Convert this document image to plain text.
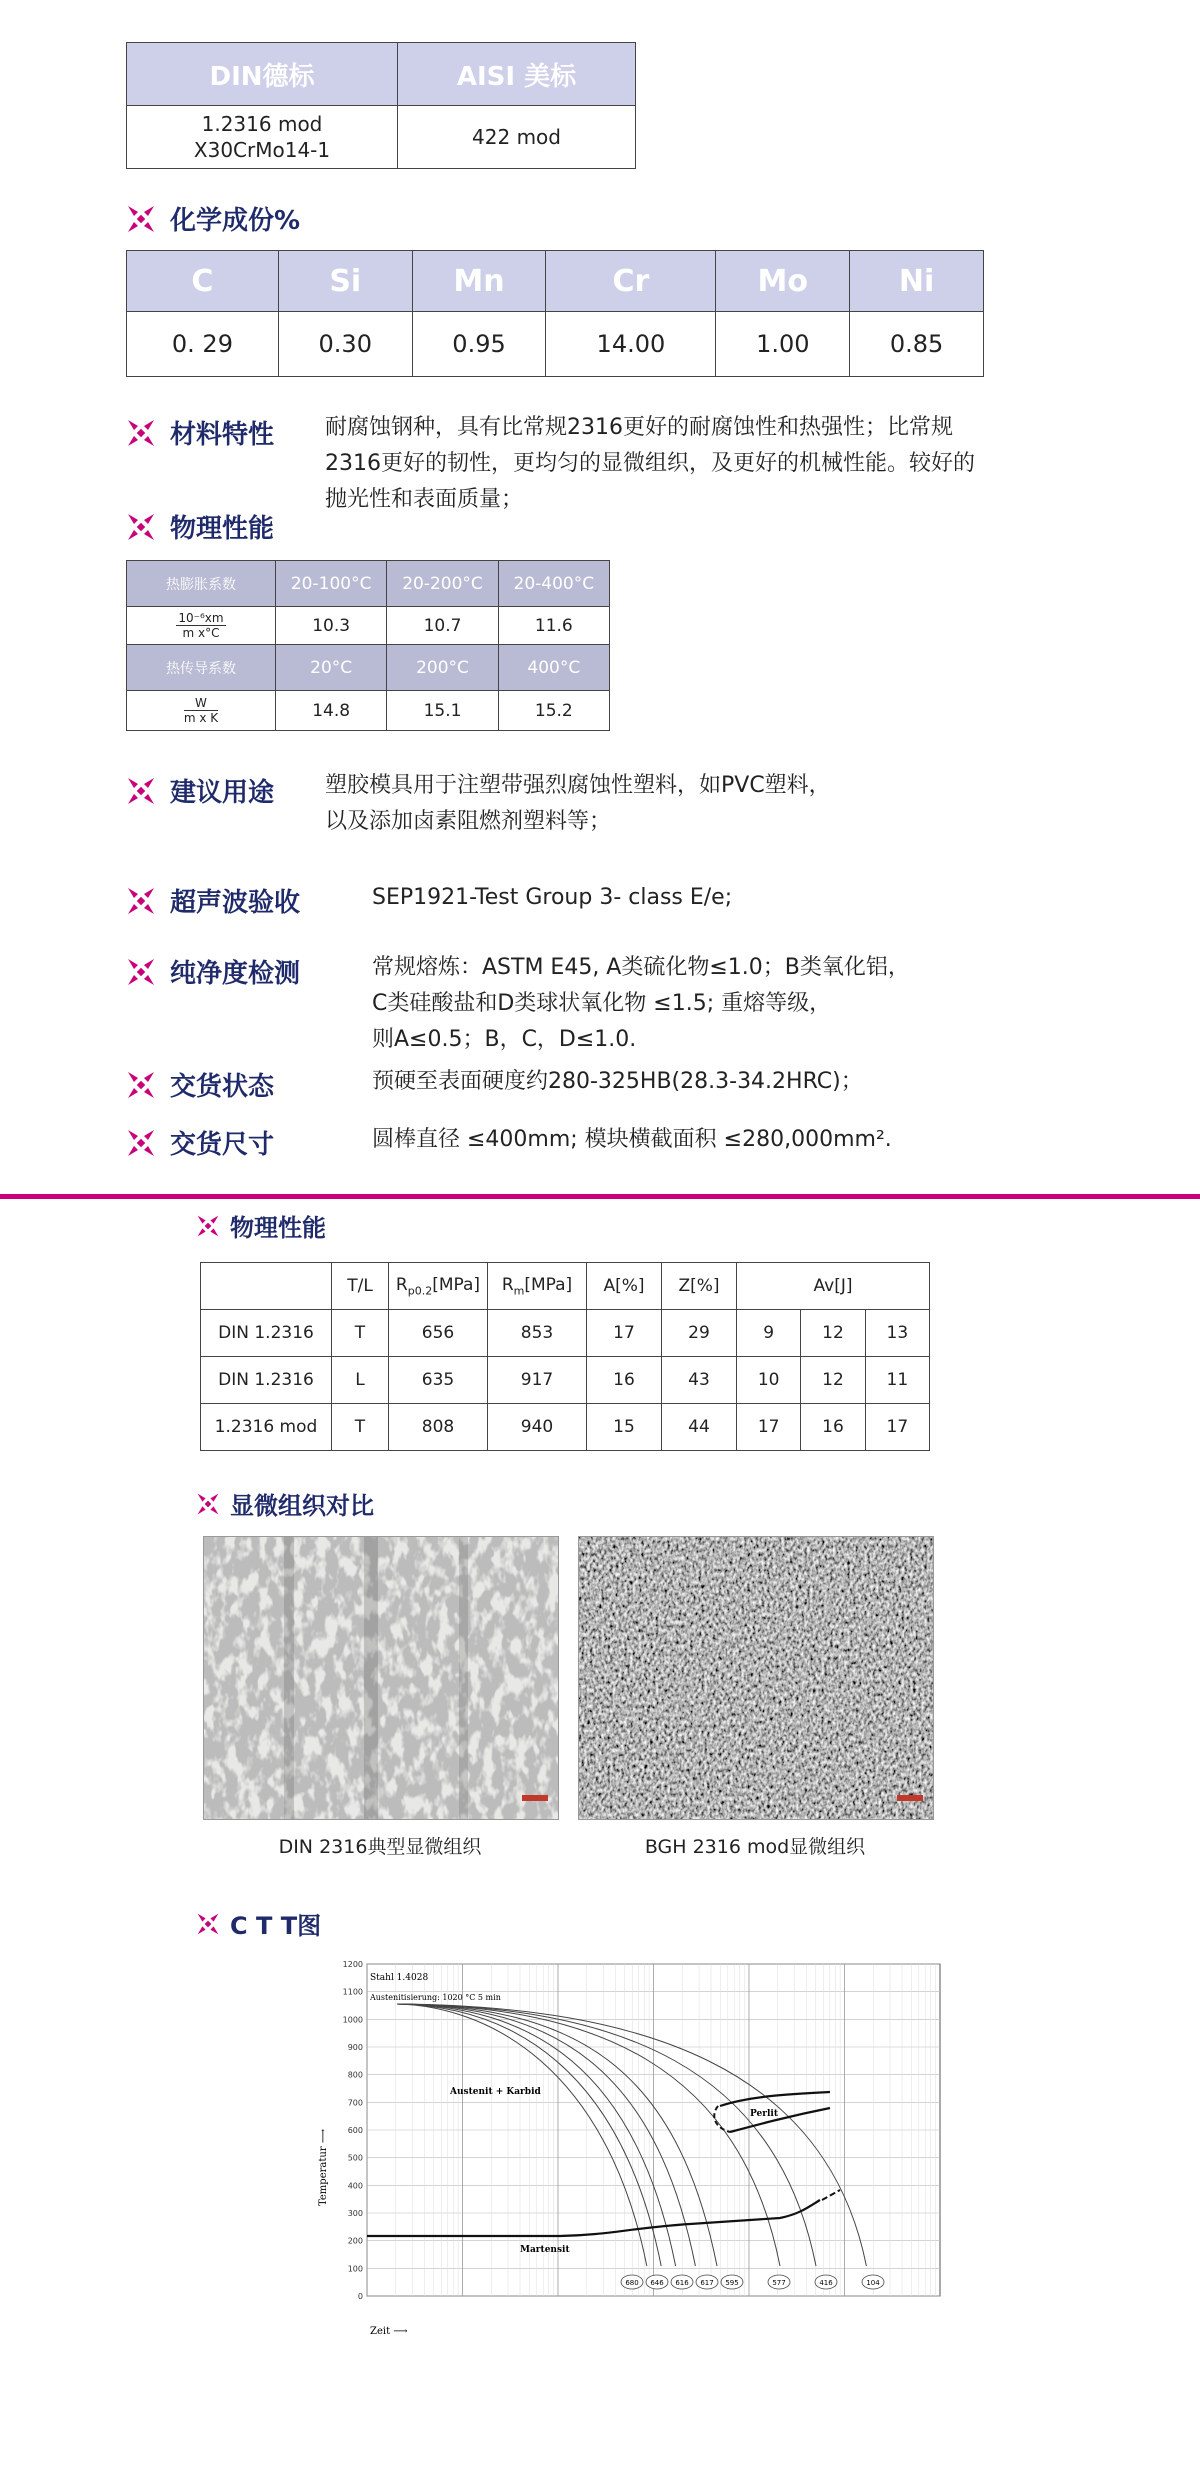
DIN德标	AISI 美标
1.2316 mod
X30CrMo14-1	422 mod
化学成份%
C	Si	Mn	Cr	Mo	Ni
0. 29	0.30	0.95	14.00	1.00	0.85
材料特性 耐腐蚀钢种，具有比常规2316更好的耐腐蚀性和热强性；比常规2316更好的韧性，更均匀的显微组织，及更好的机械性能。较好的抛光性和表面质量；
物理性能
热膨胀系数	20-100°C	20-200°C	20-400°C

$\frac{\text{10⁻⁶xm}}{\text{m x°C}}$	10.3	10.7	11.6
热传导系数	20°C	200°C	400°C

$\frac{W}{\text{m x K}}$	14.8	15.1	15.2
建议用途 塑胶模具用于注塑带强烈腐蚀性塑料，如PVC塑料，
以及添加卤素阻燃剂塑料等；
超声波验收	SEP1921-Test Group 3- class E/e;
纯净度检测	常规熔炼：ASTM E45, A类硫化物≤1.0；B类氧化铝，
C类硅酸盐和D类球状氧化物 ≤1.5; 重熔等级，
则A≤0.5；B，C，D≤1.0.
交货状态	预硬至表面硬度约280-325HB(28.3-34.2HRC)；
交货尺寸	圆棒直径 ≤400mm; 模块横截面积 ≤280,000mm².
物理性能
	T/L	$R_{p0.2}[MPa]$	$R_m[MPa]$	A[%]	Z[%]	Av[J]		
DIN 1.2316	T	656	853	17	29	9	12	13
DIN 1.2316	L	635	917	16	43	10	12	11
1.2316 mod	T	808	940	15	44	17	16	17
显微组织对比
DIN 2316典型显微组织	BGH 2316 mod显微组织
C T T图
1200
1100
1000
900
800
700
600
500
400
300
200
100
0
Stahl 1.4028
Austenitisierung: 1020 °C 5 min
Temperatur ⟶
Zeit ⟶
Austenit + Karbid
Perlit
Martensit
680 646 616 617 595	577	416	104
